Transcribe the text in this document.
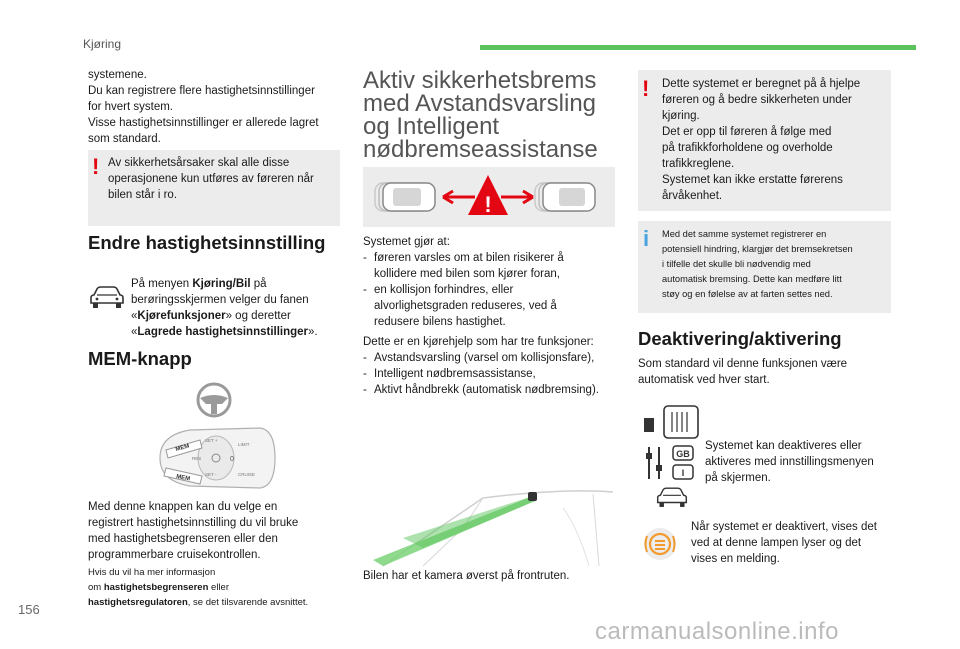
Kjøring

systemene.

Du kan registrere flere hastighetsinnstillinger

for hvert system.

Visse hastighetsinnstillinger er allerede lagret

som standard.

! Av sikkerhetsårsaker skal alle disse

operasjonene kun utføres av føreren når

bilen står i ro.

Endre hastighetsinnstilling

På menyen Kjøring/Bil på

berøringsskjermen velger du fanen

«Kjørefunksjoner» og deretter

«Lagrede hastighetsinnstillinger».

MEM-knapp
MEM
MEM
SET +
SET -
RES	0
LIMIT
CRUISE

Med denne knappen kan du velge en

registrert hastighetsinnstilling du vil bruke

med hastighetsbegrenseren eller den

programmerbare cruisekontrollen.

Hvis du vil ha mer informasjon
om hastighetsbegrenseren eller
hastighetsregulatoren, se det tilsvarende avsnittet.

Aktiv sikkerhetsbrems

med Avstandsvarsling

og Intelligent

nødbremseassistanse

!

Systemet gjør at:

- føreren varsles om at bilen risikerer å
kollidere med bilen som kjører foran,
- en kollisjon forhindres, eller
alvorlighetsgraden reduseres, ved å
redusere bilens hastighet.

Dette er en kjørehjelp som har tre funksjoner:

- Avstandsvarsling (varsel om kollisjonsfare),
- Intelligent nødbremsassistanse,
- Aktivt håndbrekk (automatisk nødbremsing).
Bilen har et kamera øverst på frontruten.
! Dette systemet er beregnet på å hjelpe

føreren og å bedre sikkerheten under

kjøring.

Det er opp til føreren å følge med

på trafikkforholdene og overholde

trafikkreglene.

Systemet kan ikke erstatte førerens

årvåkenhet.

i Med det samme systemet registrerer en
potensiell hindring, klargjør det bremsekretsen
i tilfelle det skulle bli nødvendig med
automatisk bremsing. Dette kan medføre litt
støy og en følelse av at farten settes ned.
Deaktivering/aktivering

Som standard vil denne funksjonen være

automatisk ved hver start.

GB
I

Systemet kan deaktiveres eller

aktiveres med innstillingsmenyen

på skjermen.

Når systemet er deaktivert, vises det

ved at denne lampen lyser og det

vises en melding.

156
carmanualsonline.info
